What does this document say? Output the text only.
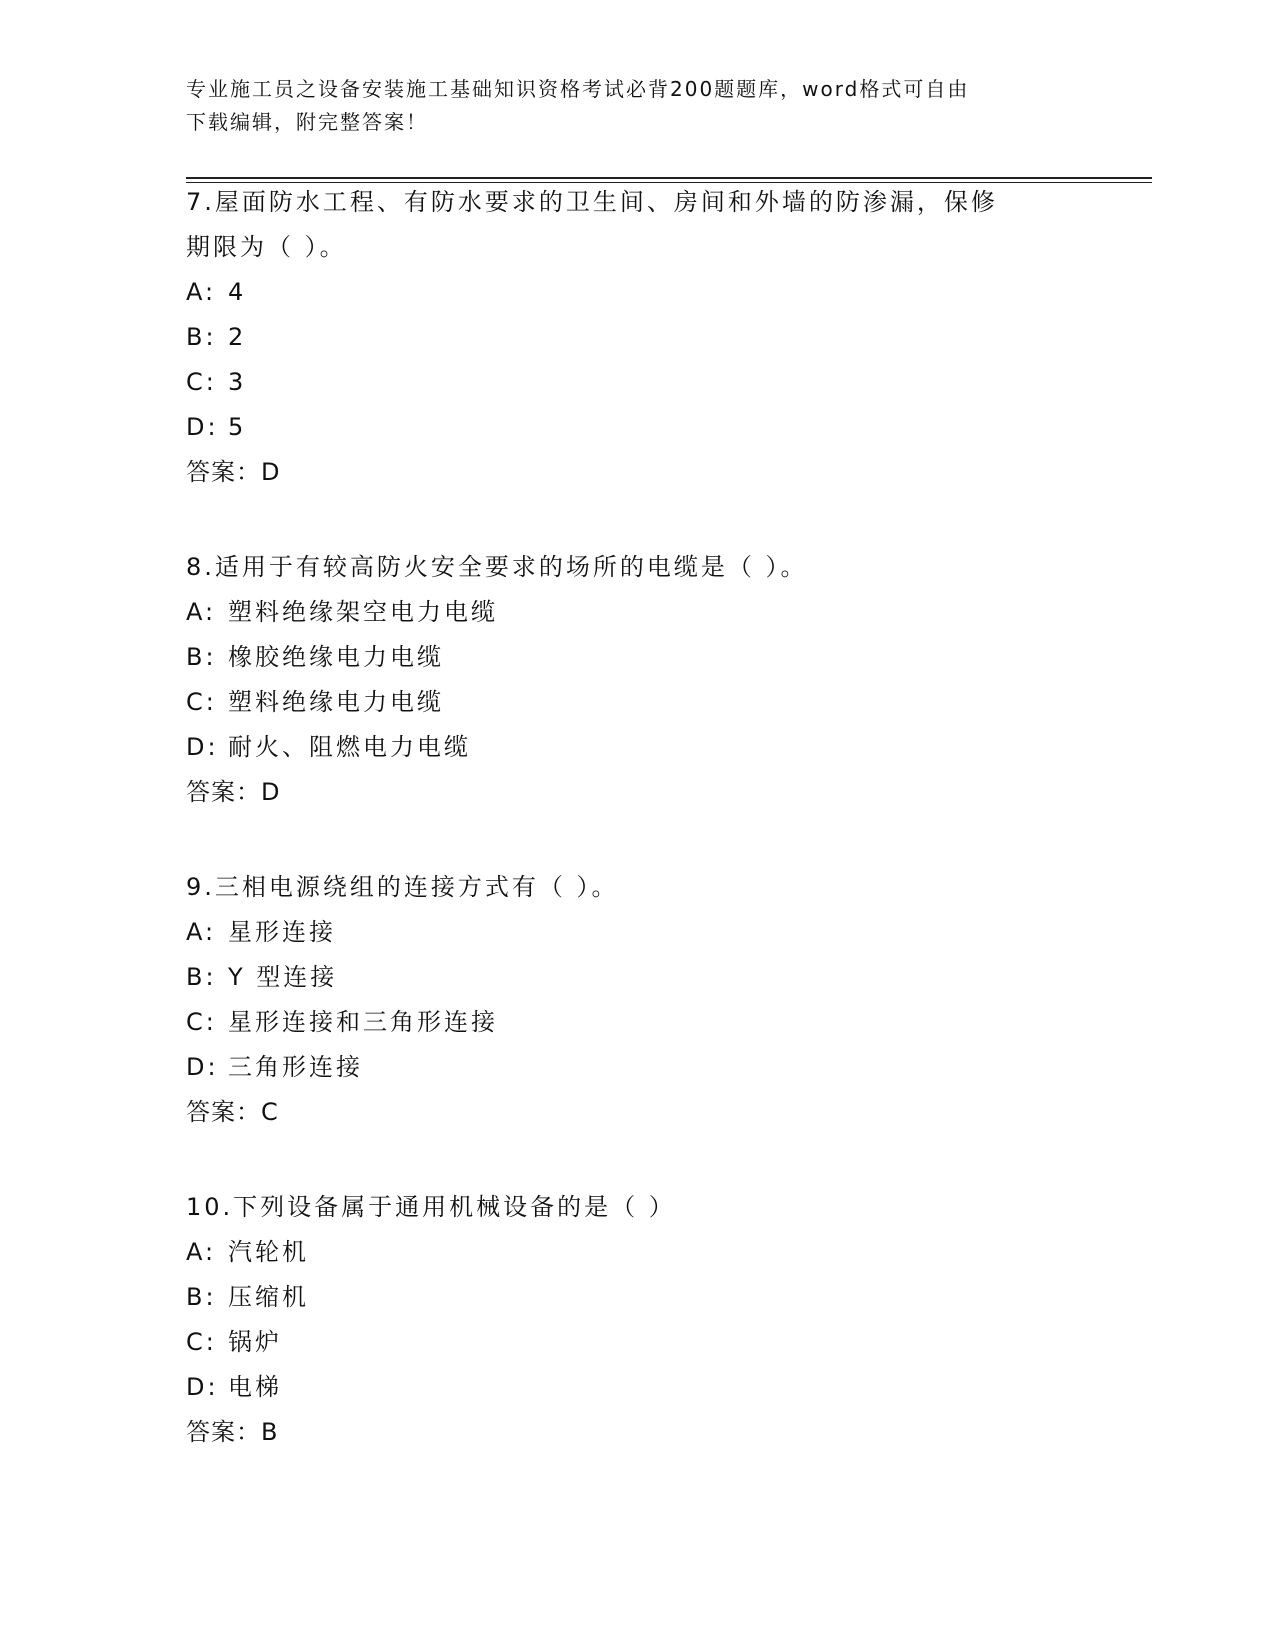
专业施工员之设备安装施工基础知识资格考试必背200题题库，word格式可自由
下载编辑，附完整答案！
7.屋面防水工程、有防水要求的卫生间、房间和外墙的防渗漏，保修
期限为（ ）。
A: 4
B: 2
C: 3
D: 5
答案：D
8.适用于有较高防火安全要求的场所的电缆是（ ）。
A: 塑料绝缘架空电力电缆
B: 橡胶绝缘电力电缆
C: 塑料绝缘电力电缆
D: 耐火、阻燃电力电缆
答案：D
9.三相电源绕组的连接方式有（ ）。
A: 星形连接
B: Y 型连接
C: 星形连接和三角形连接
D: 三角形连接
答案：C
10.下列设备属于通用机械设备的是（ ）
A: 汽轮机
B: 压缩机
C: 锅炉
D: 电梯
答案：B
